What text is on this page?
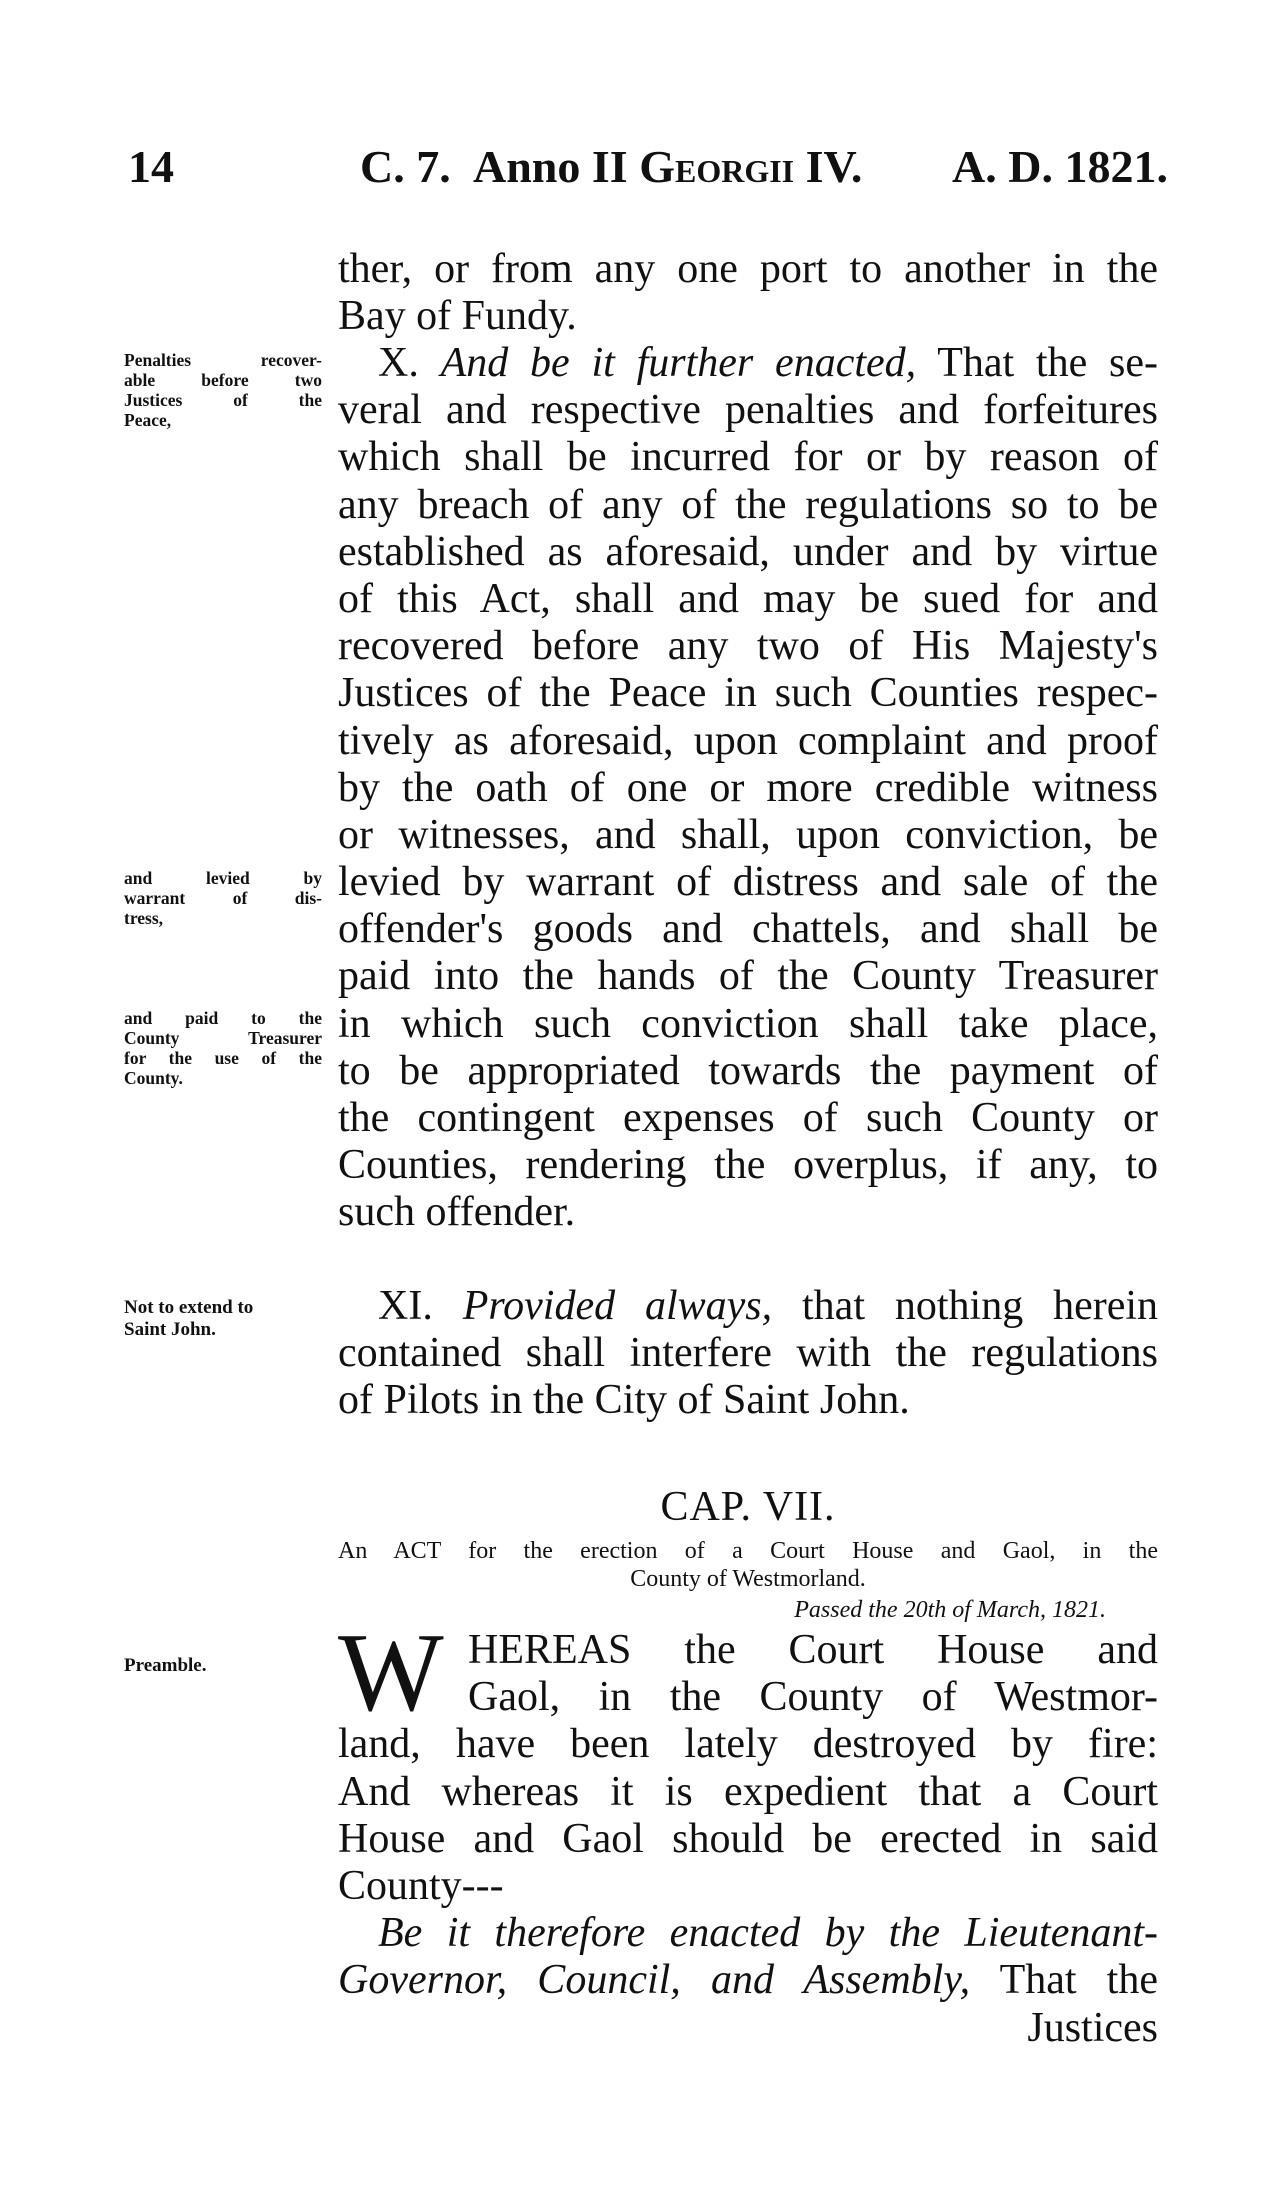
14	C. 7. Anno II Georgii IV. A. D. 1821.
ther, or from any one port to another in the
Bay of Fundy.
X. And be it further enacted, That the se-
veral and respective penalties and forfeitures
which shall be incurred for or by reason of
any breach of any of the regulations so to be
established as aforesaid, under and by virtue
of this Act, shall and may be sued for and
recovered before any two of His Majesty's
Justices of the Peace in such Counties respec-
tively as aforesaid, upon complaint and proof
by the oath of one or more credible witness
or witnesses, and shall, upon conviction, be
levied by warrant of distress and sale of the
offender's goods and chattels, and shall be
paid into the hands of the County Treasurer
in which such conviction shall take place,
to be appropriated towards the payment of
the contingent expenses of such County or
Counties, rendering the overplus, if any, to
such offender.
XI. Provided always, that nothing herein
contained shall interfere with the regulations
of Pilots in the City of Saint John.
Penalties recover-
able before two
Justices of the
Peace,
and levied by
warrant of dis-
tress,
and paid to the
County Treasurer
for the use of the
County.
Not to extend to
Saint John.
Preamble.
CAP. VII.
An ACT for the erection of a Court House and Gaol, in the
County of Westmorland.
Passed the 20th of March, 1821.
W HEREAS the Court House and
Gaol, in the County of Westmor-
land, have been lately destroyed by fire:
And whereas it is expedient that a Court
House and Gaol should be erected in said
County---
Be it therefore enacted by the Lieutenant-
Governor, Council, and Assembly, That the
Justices
